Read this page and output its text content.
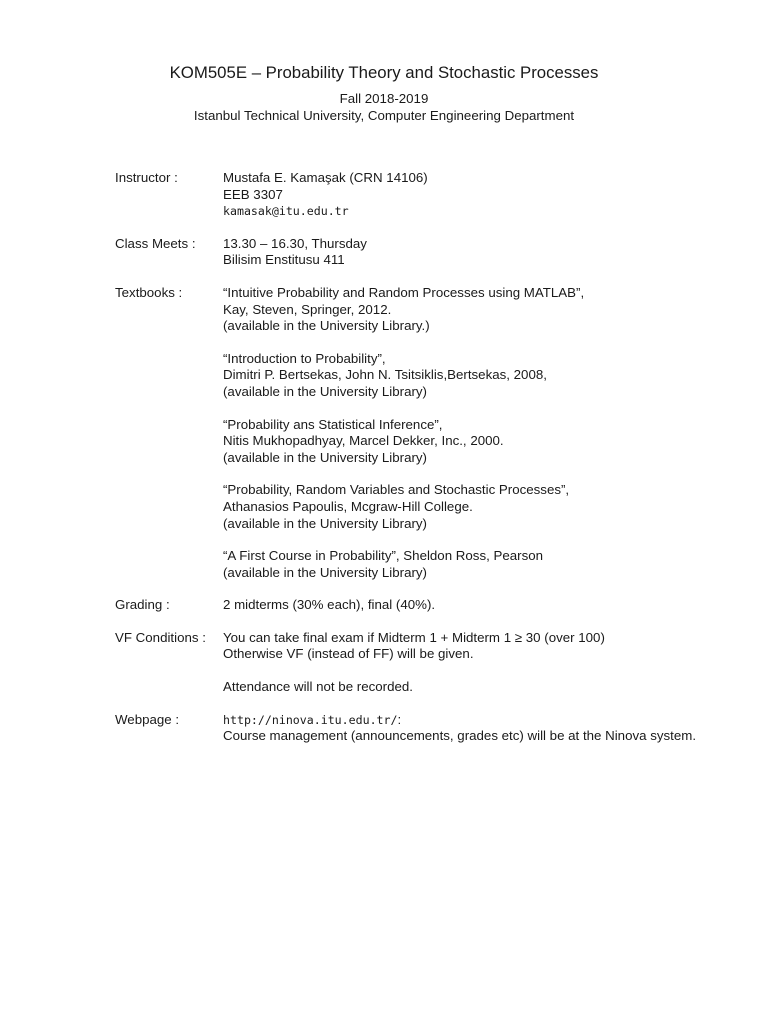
KOM505E – Probability Theory and Stochastic Processes
Fall 2018-2019
Istanbul Technical University, Computer Engineering Department
Instructor :	Mustafa E. Kamaşak (CRN 14106)
EEB 3307
kamasak@itu.edu.tr
Class Meets :	13.30 – 16.30, Thursday
Bilisim Enstitusu 411
Textbooks :	“Intuitive Probability and Random Processes using MATLAB”,
Kay, Steven, Springer, 2012.
(available in the University Library.)
“Introduction to Probability”,
Dimitri P. Bertsekas, John N. Tsitsiklis,Bertsekas, 2008,
(available in the University Library)
“Probability ans Statistical Inference”,
Nitis Mukhopadhyay, Marcel Dekker, Inc., 2000.
(available in the University Library)
“Probability, Random Variables and Stochastic Processes”,
Athanasios Papoulis, Mcgraw-Hill College.
(available in the University Library)
“A First Course in Probability”, Sheldon Ross, Pearson
(available in the University Library)
Grading :	2 midterms (30% each), final (40%).
VF Conditions :	You can take final exam if Midterm 1 + Midterm 1 ≥ 30 (over 100)
Otherwise VF (instead of FF) will be given.
Attendance will not be recorded.
Webpage :	http://ninova.itu.edu.tr/:
Course management (announcements, grades etc) will be at the Ninova system.
